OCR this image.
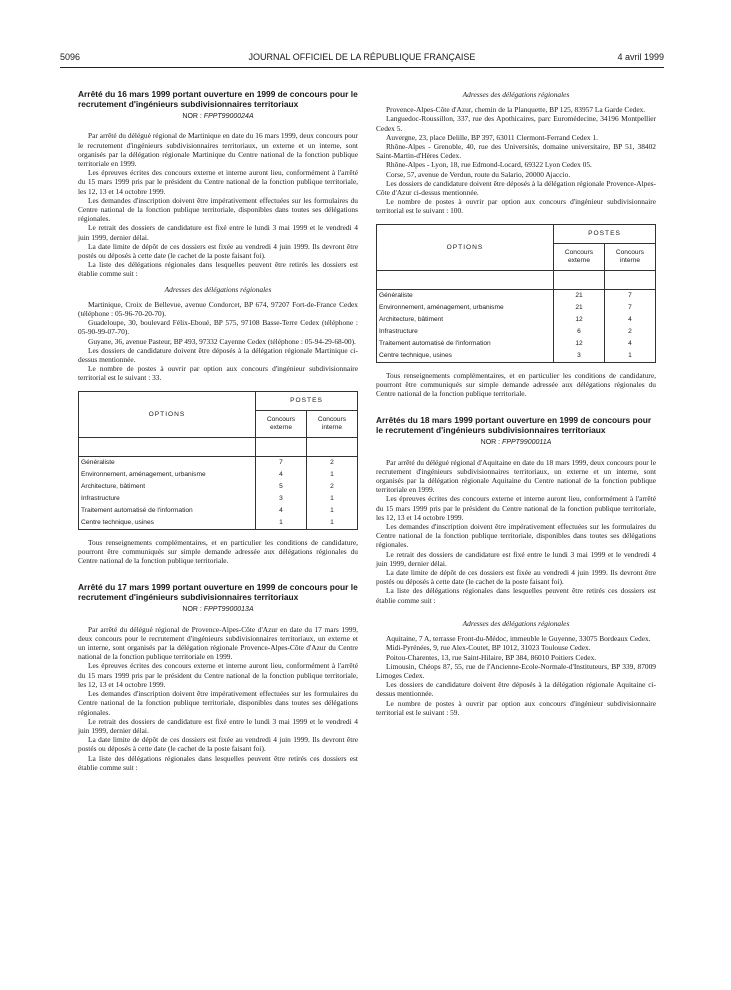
5096	JOURNAL OFFICIEL DE LA RÉPUBLIQUE FRANÇAISE	4 avril 1999
Arrêté du 16 mars 1999 portant ouverture en 1999 de concours pour le recrutement d'ingénieurs subdivisionnaires territoriaux
NOR : FPPT9900024A

Par arrêté du délégué régional de Martinique en date du 16 mars 1999, deux concours pour le recrutement d'ingénieurs subdivisionnaires territoriaux, un externe et un interne, sont organisés par la délégation régionale Martinique du Centre national de la fonction publique territoriale en 1999.

Les épreuves écrites des concours externe et interne auront lieu, conformément à l'arrêté du 15 mars 1999 pris par le président du Centre national de la fonction publique territoriale, les 12, 13 et 14 octobre 1999.

Les demandes d'inscription doivent être impérativement effectuées sur les formulaires du Centre national de la fonction publique territoriale, disponibles dans toutes ses délégations régionales.

Le retrait des dossiers de candidature est fixé entre le lundi 3 mai 1999 et le vendredi 4 juin 1999, dernier délai.

La date limite de dépôt de ces dossiers est fixée au vendredi 4 juin 1999. Ils devront être postés ou déposés à cette date (le cachet de la poste faisant foi).

La liste des délégations régionales dans lesquelles peuvent être retirés les dossiers est établie comme suit :

Adresses des délégations régionales

Martinique, Croix de Bellevue, avenue Condorcet, BP 674, 97207 Fort-de-France Cedex (téléphone : 05-96-70-20-70).

Guadeloupe, 30, boulevard Félix-Eboué, BP 575, 97108 Basse-Terre Cedex (téléphone : 05-90-99-07-70).

Guyane, 36, avenue Pasteur, BP 493, 97332 Cayenne Cedex (téléphone : 05-94-29-68-00).

Les dossiers de candidature doivent être déposés à la délégation régionale Martinique ci-dessus mentionnée.

Le nombre de postes à ouvrir par option aux concours d'ingénieur subdivisionnaire territorial est le suivant : 33.

OPTIONS	POSTES	
	Concours externe	Concours interne

Généraliste	7	2
Environnement, aménagement, urbanisme	4	1
Architecture, bâtiment	5	2
Infrastructure	3	1
Traitement automatisé de l'information	4	1
Centre technique, usines	1	1

Tous renseignements complémentaires, et en particulier les conditions de candidature, pourront être communiqués sur simple demande adressée aux délégations régionales du Centre national de la fonction publique territoriale.

Arrêté du 17 mars 1999 portant ouverture en 1999 de concours pour le recrutement d'ingénieurs subdivisionnaires territoriaux
NOR : FPPT9900013A

Par arrêté du délégué régional de Provence-Alpes-Côte d'Azur en date du 17 mars 1999, deux concours pour le recrutement d'ingénieurs subdivisionnaires territoriaux, un externe et un interne, sont organisés par la délégation régionale Provence-Alpes-Côte d'Azur du Centre national de la fonction publique territoriale en 1999.

Les épreuves écrites des concours externe et interne auront lieu, conformément à l'arrêté du 15 mars 1999 pris par le président du Centre national de la fonction publique territoriale, les 12, 13 et 14 octobre 1999.

Les demandes d'inscription doivent être impérativement effectuées sur les formulaires du Centre national de la fonction publique territoriale, disponibles dans toutes ses délégations régionales.

Le retrait des dossiers de candidature est fixé entre le lundi 3 mai 1999 et le vendredi 4 juin 1999, dernier délai.

La date limite de dépôt de ces dossiers est fixée au vendredi 4 juin 1999. Ils devront être postés ou déposés à cette date (le cachet de la poste faisant foi).

La liste des délégations régionales dans lesquelles peuvent être retirés ces dossiers est établie comme suit :

Adresses des délégations régionales

Provence-Alpes-Côte d'Azur, chemin de la Planquette, BP 125, 83957 La Garde Cedex.

Languedoc-Roussillon, 337, rue des Apothicaires, parc Euromédecine, 34196 Montpellier Cedex 5.

Auvergne, 23, place Delille, BP 397, 63011 Clermont-Ferrand Cedex 1.

Rhône-Alpes - Grenoble, 40, rue des Universités, domaine universitaire, BP 51, 38402 Saint-Martin-d'Hères Cedex.

Rhône-Alpes - Lyon, 18, rue Edmond-Locard, 69322 Lyon Cedex 05.

Corse, 57, avenue de Verdun, route du Salario, 20000 Ajaccio.

Les dossiers de candidature doivent être déposés à la délégation régionale Provence-Alpes-Côte d'Azur ci-dessus mentionnée.

Le nombre de postes à ouvrir par option aux concours d'ingénieur subdivisionnaire territorial est le suivant : 100.

OPTIONS	POSTES	
	Concours externe	Concours interne

Généraliste	21	7
Environnement, aménagement, urbanisme	21	7
Architecture, bâtiment	12	4
Infrastructure	6	2
Traitement automatisé de l'information	12	4
Centre technique, usines	3	1

Tous renseignements complémentaires, et en particulier les conditions de candidature, pourront être communiqués sur simple demande adressée aux délégations régionales du Centre national de la fonction publique territoriale.

Arrêtés du 18 mars 1999 portant ouverture en 1999 de concours pour le recrutement d'ingénieurs subdivisionnaires territoriaux
NOR : FPPT9900011A

Par arrêté du délégué régional d'Aquitaine en date du 18 mars 1999, deux concours pour le recrutement d'ingénieurs subdivisionnaires territoriaux, un externe et un interne, sont organisés par la délégation régionale Aquitaine du Centre national de la fonction publique territoriale en 1999.

Les épreuves écrites des concours externe et interne auront lieu, conformément à l'arrêté du 15 mars 1999 pris par le président du Centre national de la fonction publique territoriale, les 12, 13 et 14 octobre 1999.

Les demandes d'inscription doivent être impérativement effectuées sur les formulaires du Centre national de la fonction publique territoriale, disponibles dans toutes ses délégations régionales.

Le retrait des dossiers de candidature est fixé entre le lundi 3 mai 1999 et le vendredi 4 juin 1999, dernier délai.

La date limite de dépôt de ces dossiers est fixée au vendredi 4 juin 1999. Ils devront être postés ou déposés à cette date (le cachet de la poste faisant foi).

La liste des délégations régionales dans lesquelles peuvent être retirés ces dossiers est établie comme suit :

Adresses des délégations régionales

Aquitaine, 7 A, terrasse Front-du-Médoc, immeuble le Guyenne, 33075 Bordeaux Cedex.

Midi-Pyrénées, 9, rue Alex-Coutet, BP 1012, 31023 Toulouse Cedex.

Poitou-Charentes, 13, rue Saint-Hilaire, BP 384, 86010 Poitiers Cedex.

Limousin, Chéops 87, 55, rue de l'Ancienne-Ecole-Normale-d'Instituteurs, BP 339, 87009 Limoges Cedex.

Les dossiers de candidature doivent être déposés à la délégation régionale Aquitaine ci-dessus mentionnée.

Le nombre de postes à ouvrir par option aux concours d'ingénieur subdivisionnaire territorial est le suivant : 59.
